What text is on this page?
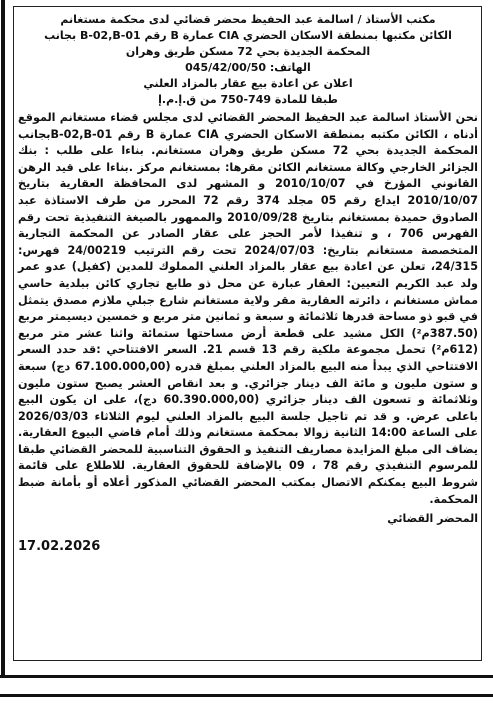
مكتب الأستاذ / اسالمة عبد الحفيظ محضر قضائي لدى محكمة مستغانم
الكائن مكتبها بمنطقة الاسكان الحضري CIA عمارة B رقم B-02,B-01 بجانب
المحكمة الجديدة بحي 72 مسكن طريق وهران
الهاتف: 045/42/00/50
اعلان عن اعادة بيع عقار بالمزاد العلني
طبقا للمادة 749-750 من ق.إ.م.إ
نحن الأستاذ اسالمة عبد الحفيظ المحضر القضائي لدى مجلس قضاء مستغانم الموقع أدناه ، الكائن مكتبه بمنطقة الاسكان الحضري CIA عمارة B رقم B-02,B-01بجانب المحكمة الجديدة بحي 72 مسكن طريق وهران مستغانم. بناءا على طلب : بنك الجزائر الخارجي وكالة مستغانم الكائن مقرها: بمستغانم مركز .بناءا على قيد الرهن القانوني المؤرخ في 2010/10/07 و المشهر لدى المحافظة العقارية بتاريخ 2010/10/07 ايداع رقم 05 مجلد 374 رقم 72 المحرر من طرف الاستاذة عبد الصادوق حميدة بمستغانم بتاريخ 2010/09/28 والممهور بالصيغة التنفيذية تحت رقم الفهرس 706 ، و تنفيذا لأمر الحجز على عقار الصادر عن المحكمة التجارية المتخصصة مستغانم بتاريخ: 2024/07/03 تحت رقم الترتيب 24/00219 فهرس: 24/315، تعلن عن اعادة بيع عقار بالمزاد العلني المملوك للمدين (كفيل) عدو عمر ولد عبد الكريم التعيين: العقار عبارة عن محل ذو طابع تجاري كائن ببلدية حاسي مماش مستغانم ، دائرته العقارية مقر ولاية مستغانم شارع جبلي ملازم مصدق يتمثل في قبو ذو مساحة قدرها ثلاثمائة و سبعة و ثمانين متر مربع و خمسين ديسيمتر مربع (387.50م²) الكل مشيد على قطعة أرض مساحتها ستمائة واثنا عشر متر مربع (612م²) تحمل مجموعة ملكية رقم 13 قسم 21. السعر الافتتاحي :قد حدد السعر الافتتاحي الذي يبدأ منه البيع بالمزاد العلني بمبلغ قدره (67.100.000,00 دج) سبعة و ستون مليون و مائة الف دينار جزائري. و بعد انقاص العشر يصبح ستون مليون وثلاثمائة و تسعون الف دينار جزائري (60.390.000,00 دج)، على ان يكون البيع باعلى عرض. و قد تم تاجيل جلسة البيع بالمزاد العلني ليوم الثلاثاء 2026/03/03 على الساعة 14:00 الثانية زوالا بمحكمة مستغانم وذلك أمام قاضي البيوع العقارية. يضاف الى مبلغ المزايدة مصاريف التنفيذ و الحقوق التناسبية للمحضر القضائي طبقا للمرسوم التنفيذي رقم 78 ، 09 بالإضافة للحقوق العقارية. للاطلاع على قائمة شروط البيع يمكنكم الاتصال بمكتب المحضر القضائي المذكور أعلاه أو بأمانة ضبط المحكمة.
المحضر القضائي
17.02.2026
